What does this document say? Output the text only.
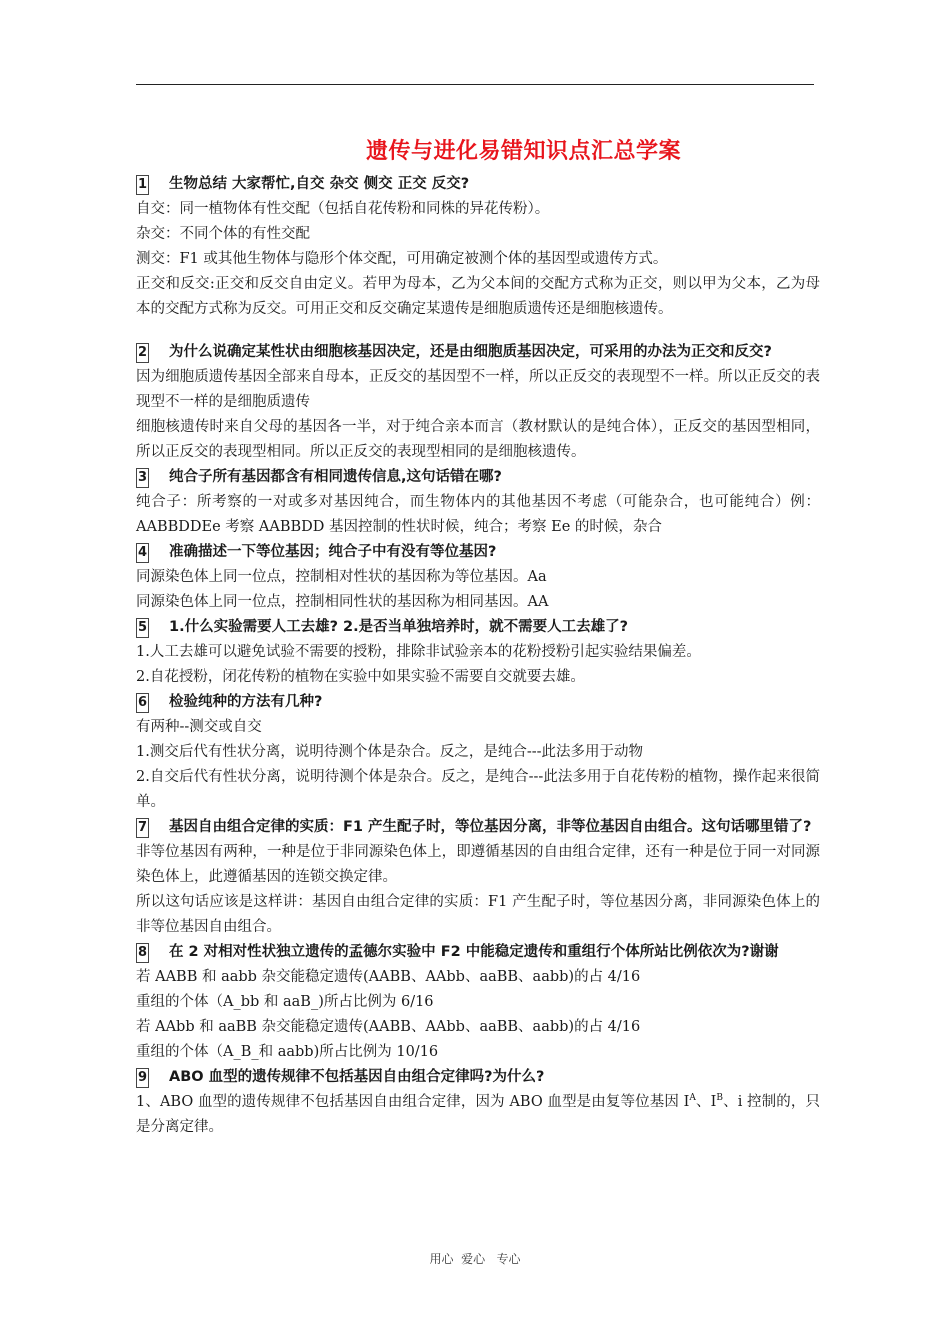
遗传与进化易错知识点汇总学案
1 生物总结 大家帮忙,自交 杂交 侧交 正交 反交?
自交：同一植物体有性交配（包括自花传粉和同株的异花传粉）。
杂交：不同个体的有性交配
测交：F1 或其他生物体与隐形个体交配，可用确定被测个体的基因型或遗传方式。
正交和反交:正交和反交自由定义。若甲为母本，乙为父本间的交配方式称为正交，则以甲为父本，乙为母本的交配方式称为反交。可用正交和反交确定某遗传是细胞质遗传还是细胞核遗传。
2 为什么说确定某性状由细胞核基因决定，还是由细胞质基因决定，可采用的办法为正交和反交?
因为细胞质遗传基因全部来自母本，正反交的基因型不一样，所以正反交的表现型不一样。所以正反交的表现型不一样的是细胞质遗传
细胞核遗传时来自父母的基因各一半，对于纯合亲本而言（教材默认的是纯合体），正反交的基因型相同，所以正反交的表现型相同。所以正反交的表现型相同的是细胞核遗传。
3 纯合子所有基因都含有相同遗传信息,这句话错在哪?
纯合子：所考察的一对或多对基因纯合，而生物体内的其他基因不考虑（可能杂合，也可能纯合）例：AABBDDEe 考察 AABBDD 基因控制的性状时候，纯合；考察 Ee 的时候，杂合
4 准确描述一下等位基因；纯合子中有没有等位基因?
同源染色体上同一位点，控制相对性状的基因称为等位基因。Aa
同源染色体上同一位点，控制相同性状的基因称为相同基因。AA
5 1.什么实验需要人工去雄? 2.是否当单独培养时，就不需要人工去雄了?
1.人工去雄可以避免试验不需要的授粉，排除非试验亲本的花粉授粉引起实验结果偏差。
2.自花授粉，闭花传粉的植物在实验中如果实验不需要自交就要去雄。
6 检验纯种的方法有几种?
有两种--测交或自交
1.测交后代有性状分离，说明待测个体是杂合。反之，是纯合---此法多用于动物
2.自交后代有性状分离，说明待测个体是杂合。反之，是纯合---此法多用于自花传粉的植物，操作起来很简单。
7 基因自由组合定律的实质：F1 产生配子时，等位基因分离，非等位基因自由组合。这句话哪里错了?
非等位基因有两种，一种是位于非同源染色体上，即遵循基因的自由组合定律，还有一种是位于同一对同源染色体上，此遵循基因的连锁交换定律。
所以这句话应该是这样讲：基因自由组合定律的实质：F1 产生配子时，等位基因分离，非同源染色体上的非等位基因自由组合。
8 在 2 对相对性状独立遗传的孟德尔实验中 F2 中能稳定遗传和重组行个体所站比例依次为?谢谢
若 AABB 和 aabb 杂交能稳定遗传(AABB、AAbb、aaBB、aabb)的占 4/16
重组的个体（A_bb 和 aaB_)所占比例为 6/16
若 AAbb 和 aaBB 杂交能稳定遗传(AABB、AAbb、aaBB、aabb)的占 4/16
重组的个体（A_B_和 aabb)所占比例为 10/16
9 ABO 血型的遗传规律不包括基因自由组合定律吗?为什么?
1、ABO 血型的遗传规律不包括基因自由组合定律，因为 ABO 血型是由复等位基因 $I^A$、$I^B$、i 控制的，只是分离定律。
用心  爱心   专心
